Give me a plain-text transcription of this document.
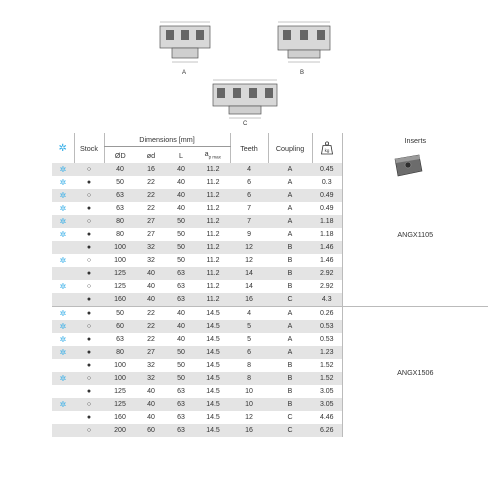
A	B
C
✲	Stock	Dimensions [mm]				Teeth	Coupling	kg	Inserts
		ØD	ød	L	$a_{p max}$
✲	○	40	16	40	11.2	4	A	0.45	ANGX1105
✲	●	50	22	40	11.2	6	A	0.3	
✲	○	63	22	40	11.2	6	A	0.49	
✲	●	63	22	40	11.2	7	A	0.49	
✲	○	80	27	50	11.2	7	A	1.18	
✲	●	80	27	50	11.2	9	A	1.18	
	●	100	32	50	11.2	12	B	1.46	
✲	○	100	32	50	11.2	12	B	1.46	
	●	125	40	63	11.2	14	B	2.92	
✲	○	125	40	63	11.2	14	B	2.92	
	●	160	40	63	11.2	16	C	4.3	
✲	●	50	22	40	14.5	4	A	0.26	ANGX1506
✲	○	60	22	40	14.5	5	A	0.53	
✲	●	63	22	40	14.5	5	A	0.53	
✲	●	80	27	50	14.5	6	A	1.23	
	●	100	32	50	14.5	8	B	1.52	
✲	○	100	32	50	14.5	8	B	1.52	
	●	125	40	63	14.5	10	B	3.05	
✲	○	125	40	63	14.5	10	B	3.05	
	●	160	40	63	14.5	12	C	4.46	
	○	200	60	63	14.5	16	C	6.26	
